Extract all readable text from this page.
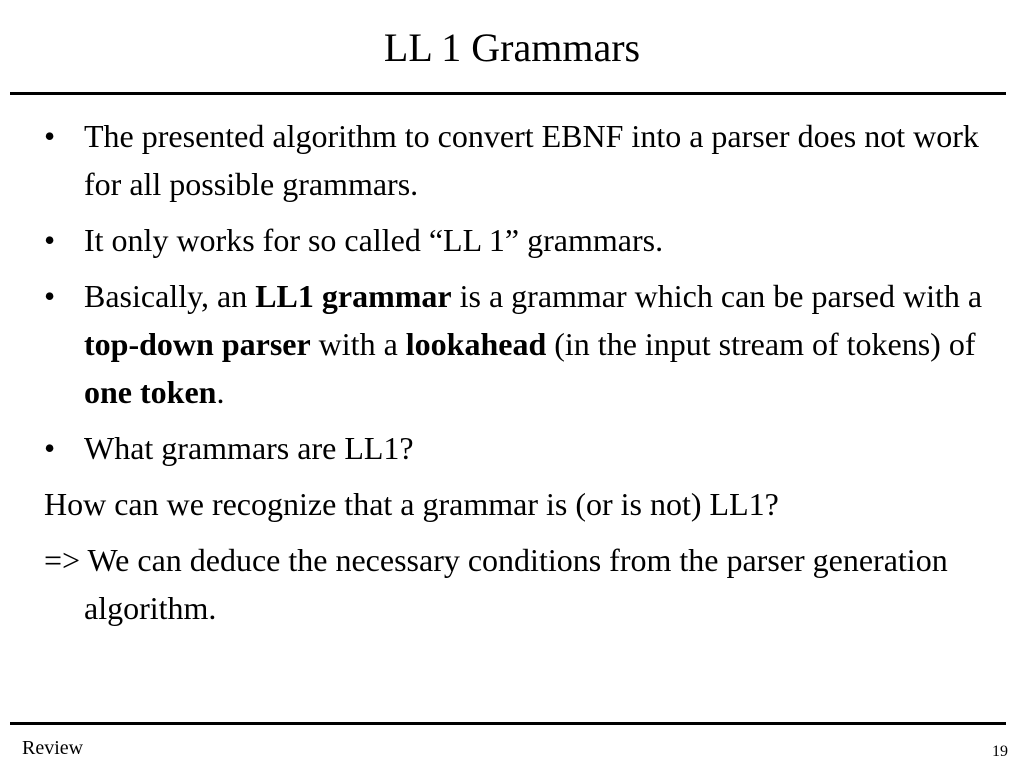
LL 1 Grammars
• The presented algorithm to convert EBNF into a parser does not work for all possible grammars.
• It only works for so called “LL 1” grammars.
• Basically, an LL1 grammar is a grammar which can be parsed with a top-down parser with a lookahead (in the input stream of tokens) of one token.
• What grammars are LL1?
How can we recognize that a grammar is (or is not) LL1?
=> We can deduce the necessary conditions from the parser generation algorithm.
Review	19
